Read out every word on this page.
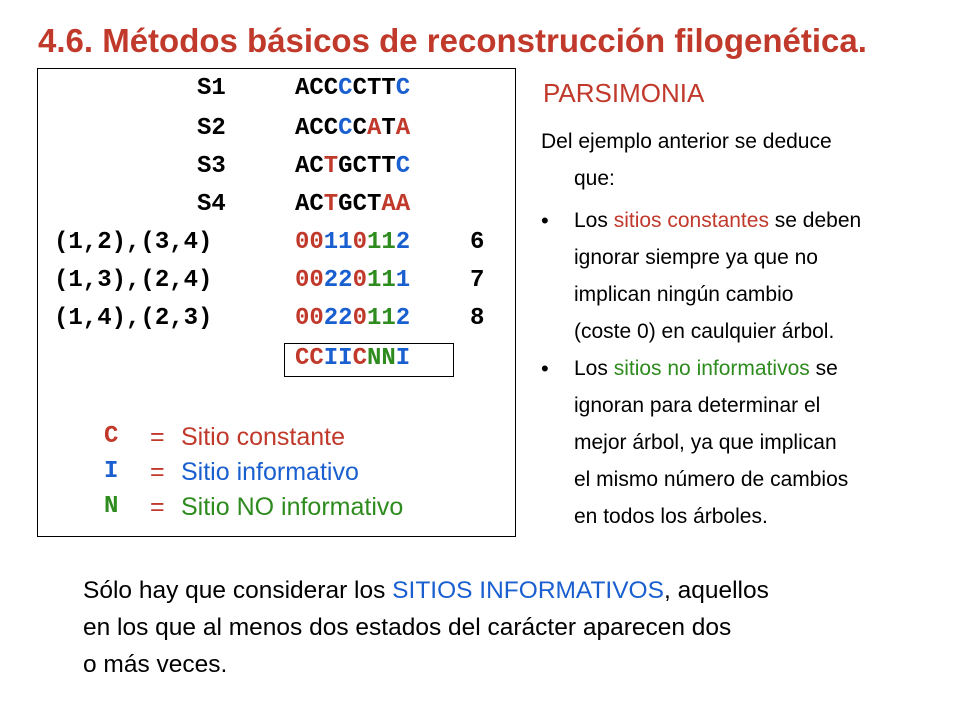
4.6. Métodos básicos de reconstrucción filogenética.
S1	ACCCCTTC
S2	ACCCCATA
S3	ACTGCTTC
S4	ACTGCTAA
(1,2),(3,4)	00110112 6
(1,3),(2,4)	00220111 7
(1,4),(2,3)	00220112 8
CCIICNNI
C	= Sitio constante
I	= Sitio informativo
N	= Sitio NO informativo
PARSIMONIA
Del ejemplo anterior se deduce
que:
• Los sitios constantes se deben
ignorar siempre ya que no
implican ningún cambio
(coste 0) en caulquier árbol.
• Los sitios no informativos se
ignoran para determinar el
mejor árbol, ya que implican
el mismo número de cambios
en todos los árboles.
Sólo hay que considerar los SITIOS INFORMATIVOS, aquellos
en los que al menos dos estados del carácter aparecen dos
o más veces.
